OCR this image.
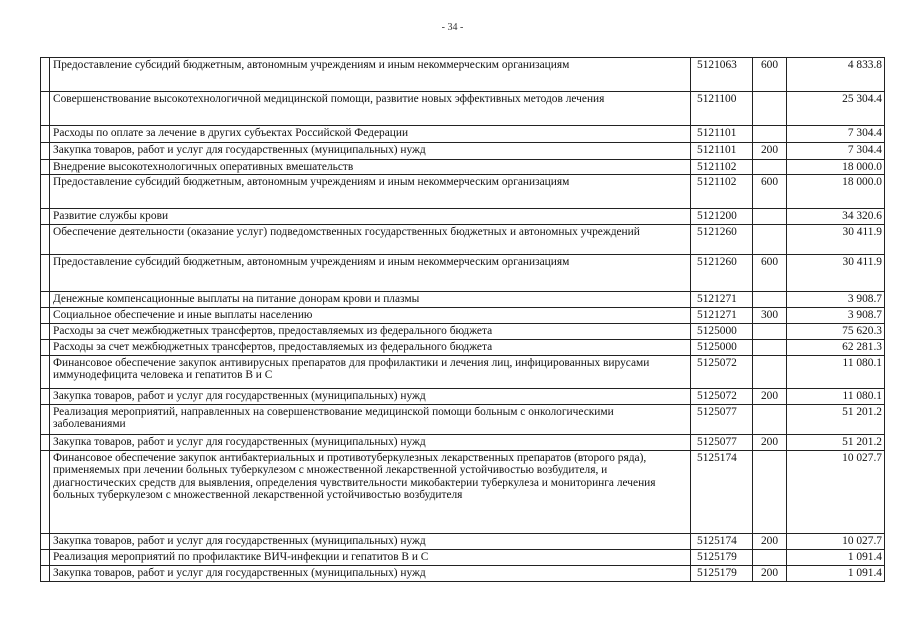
- 34 -
	Предоставление субсидий бюджетным, автономным учреждениям и иным некоммерческим организациям	5121063	600	4 833.8
	Совершенствование высокотехнологичной медицинской помощи, развитие новых эффективных методов лечения	5121100		25 304.4
	Расходы по оплате за лечение в других субъектах Российской Федерации	5121101		7 304.4
	Закупка товаров, работ и услуг для государственных (муниципальных) нужд	5121101	200	7 304.4
	Внедрение высокотехнологичных оперативных вмешательств	5121102		18 000.0
	Предоставление субсидий бюджетным, автономным учреждениям и иным некоммерческим организациям	5121102	600	18 000.0
	Развитие службы крови	5121200		34 320.6
	Обеспечение деятельности (оказание услуг) подведомственных государственных бюджетных и автономных учреждений	5121260		30 411.9
	Предоставление субсидий бюджетным, автономным учреждениям и иным некоммерческим организациям	5121260	600	30 411.9
	Денежные компенсационные выплаты на питание донорам крови и плазмы	5121271		3 908.7
	Социальное обеспечение и иные выплаты населению	5121271	300	3 908.7
	Расходы за счет межбюджетных трансфертов, предоставляемых из федерального бюджета	5125000		75 620.3
	Расходы за счет межбюджетных трансфертов, предоставляемых из федерального бюджета	5125000		62 281.3
	Финансовое обеспечение закупок антивирусных препаратов для профилактики и лечения лиц, инфицированных вирусами иммунодефицита человека и гепатитов В и С	5125072		11 080.1
	Закупка товаров, работ и услуг для государственных (муниципальных) нужд	5125072	200	11 080.1
	Реализация мероприятий, направленных на совершенствование медицинской помощи больным с онкологическими заболеваниями	5125077		51 201.2
	Закупка товаров, работ и услуг для государственных (муниципальных) нужд	5125077	200	51 201.2
	Финансовое обеспечение закупок антибактериальных и противотуберкулезных лекарственных препаратов (второго ряда), применяемых при лечении больных туберкулезом с множественной лекарственной устойчивостью возбудителя, и диагностических средств для выявления, определения чувствительности микобактерии туберкулеза и мониторинга лечения больных туберкулезом с множественной лекарственной устойчивостью возбудителя	5125174		10 027.7
	Закупка товаров, работ и услуг для государственных (муниципальных) нужд	5125174	200	10 027.7
	Реализация мероприятий по профилактике ВИЧ-инфекции и гепатитов В и С	5125179		1 091.4
	Закупка товаров, работ и услуг для государственных (муниципальных) нужд	5125179	200	1 091.4
